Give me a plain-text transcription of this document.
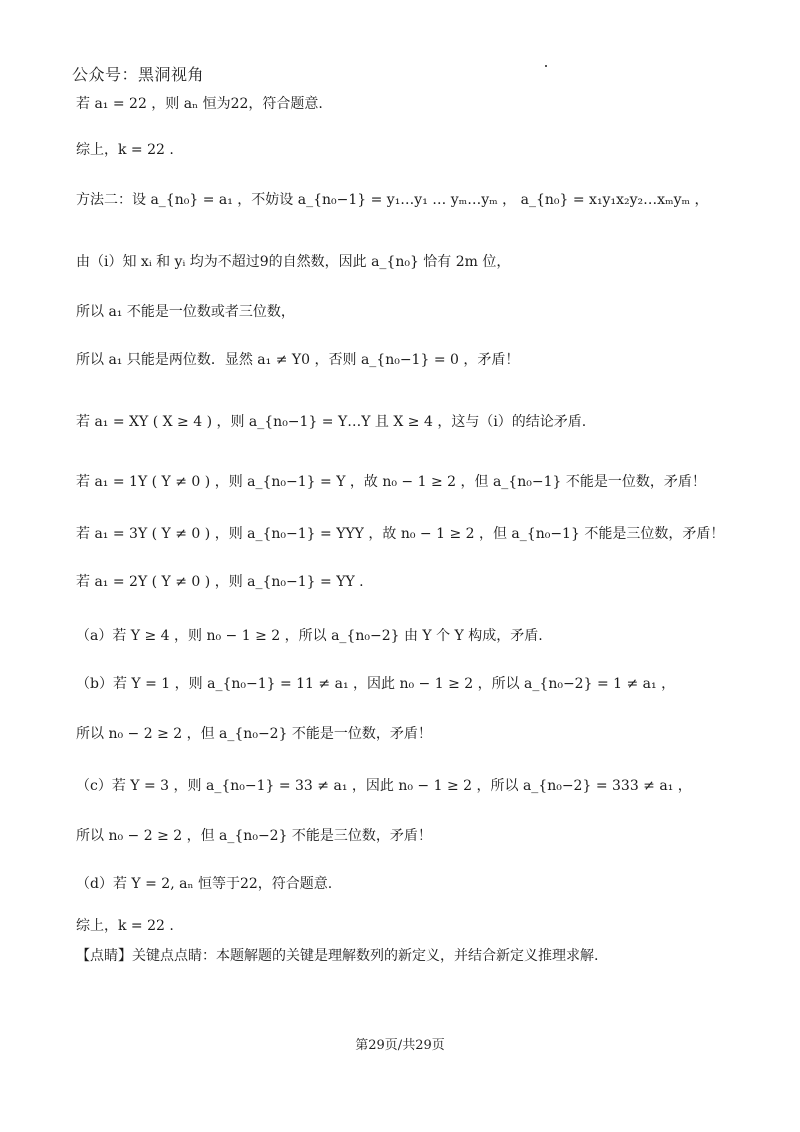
公众号：黑洞视角
若 a₁ = 22 ，则 aₙ 恒为22，符合题意.
综上，k = 22 .
方法二：设 a_{n₀} = a₁ ，不妨设 a_{n₀−1} = y₁…y₁ … yₘ…yₘ ， a_{n₀} = x₁y₁x₂y₂…xₘyₘ ，
由（i）知 xᵢ 和 yᵢ 均为不超过9的自然数，因此 a_{n₀} 恰有 2m 位，
所以 a₁ 不能是一位数或者三位数，
所以 a₁ 只能是两位数．显然 a₁ ≠ Y0 ，否则 a_{n₀−1} = 0 ，矛盾！
若 a₁ = XY ( X ≥ 4 ) ，则 a_{n₀−1} = Y…Y 且 X ≥ 4 ，这与（i）的结论矛盾.
若 a₁ = 1Y ( Y ≠ 0 ) ，则 a_{n₀−1} = Y ，故 n₀ − 1 ≥ 2 ，但 a_{n₀−1} 不能是一位数，矛盾！
若 a₁ = 3Y ( Y ≠ 0 ) ，则 a_{n₀−1} = YYY ，故 n₀ − 1 ≥ 2 ，但 a_{n₀−1} 不能是三位数，矛盾！
若 a₁ = 2Y ( Y ≠ 0 ) ，则 a_{n₀−1} = YY .
（a）若 Y ≥ 4 ，则 n₀ − 1 ≥ 2 ，所以 a_{n₀−2} 由 Y 个 Y 构成，矛盾.
（b）若 Y = 1 ，则 a_{n₀−1} = 11 ≠ a₁ ，因此 n₀ − 1 ≥ 2 ，所以 a_{n₀−2} = 1 ≠ a₁ ，
所以 n₀ − 2 ≥ 2 ，但 a_{n₀−2} 不能是一位数，矛盾！
（c）若 Y = 3 ，则 a_{n₀−1} = 33 ≠ a₁ ，因此 n₀ − 1 ≥ 2 ，所以 a_{n₀−2} = 333 ≠ a₁ ，
所以 n₀ − 2 ≥ 2 ，但 a_{n₀−2} 不能是三位数，矛盾！
（d）若 Y = 2, aₙ 恒等于22，符合题意.
综上，k = 22 .
【点睛】关键点点睛：本题解题的关键是理解数列的新定义，并结合新定义推理求解.
第29页/共29页
